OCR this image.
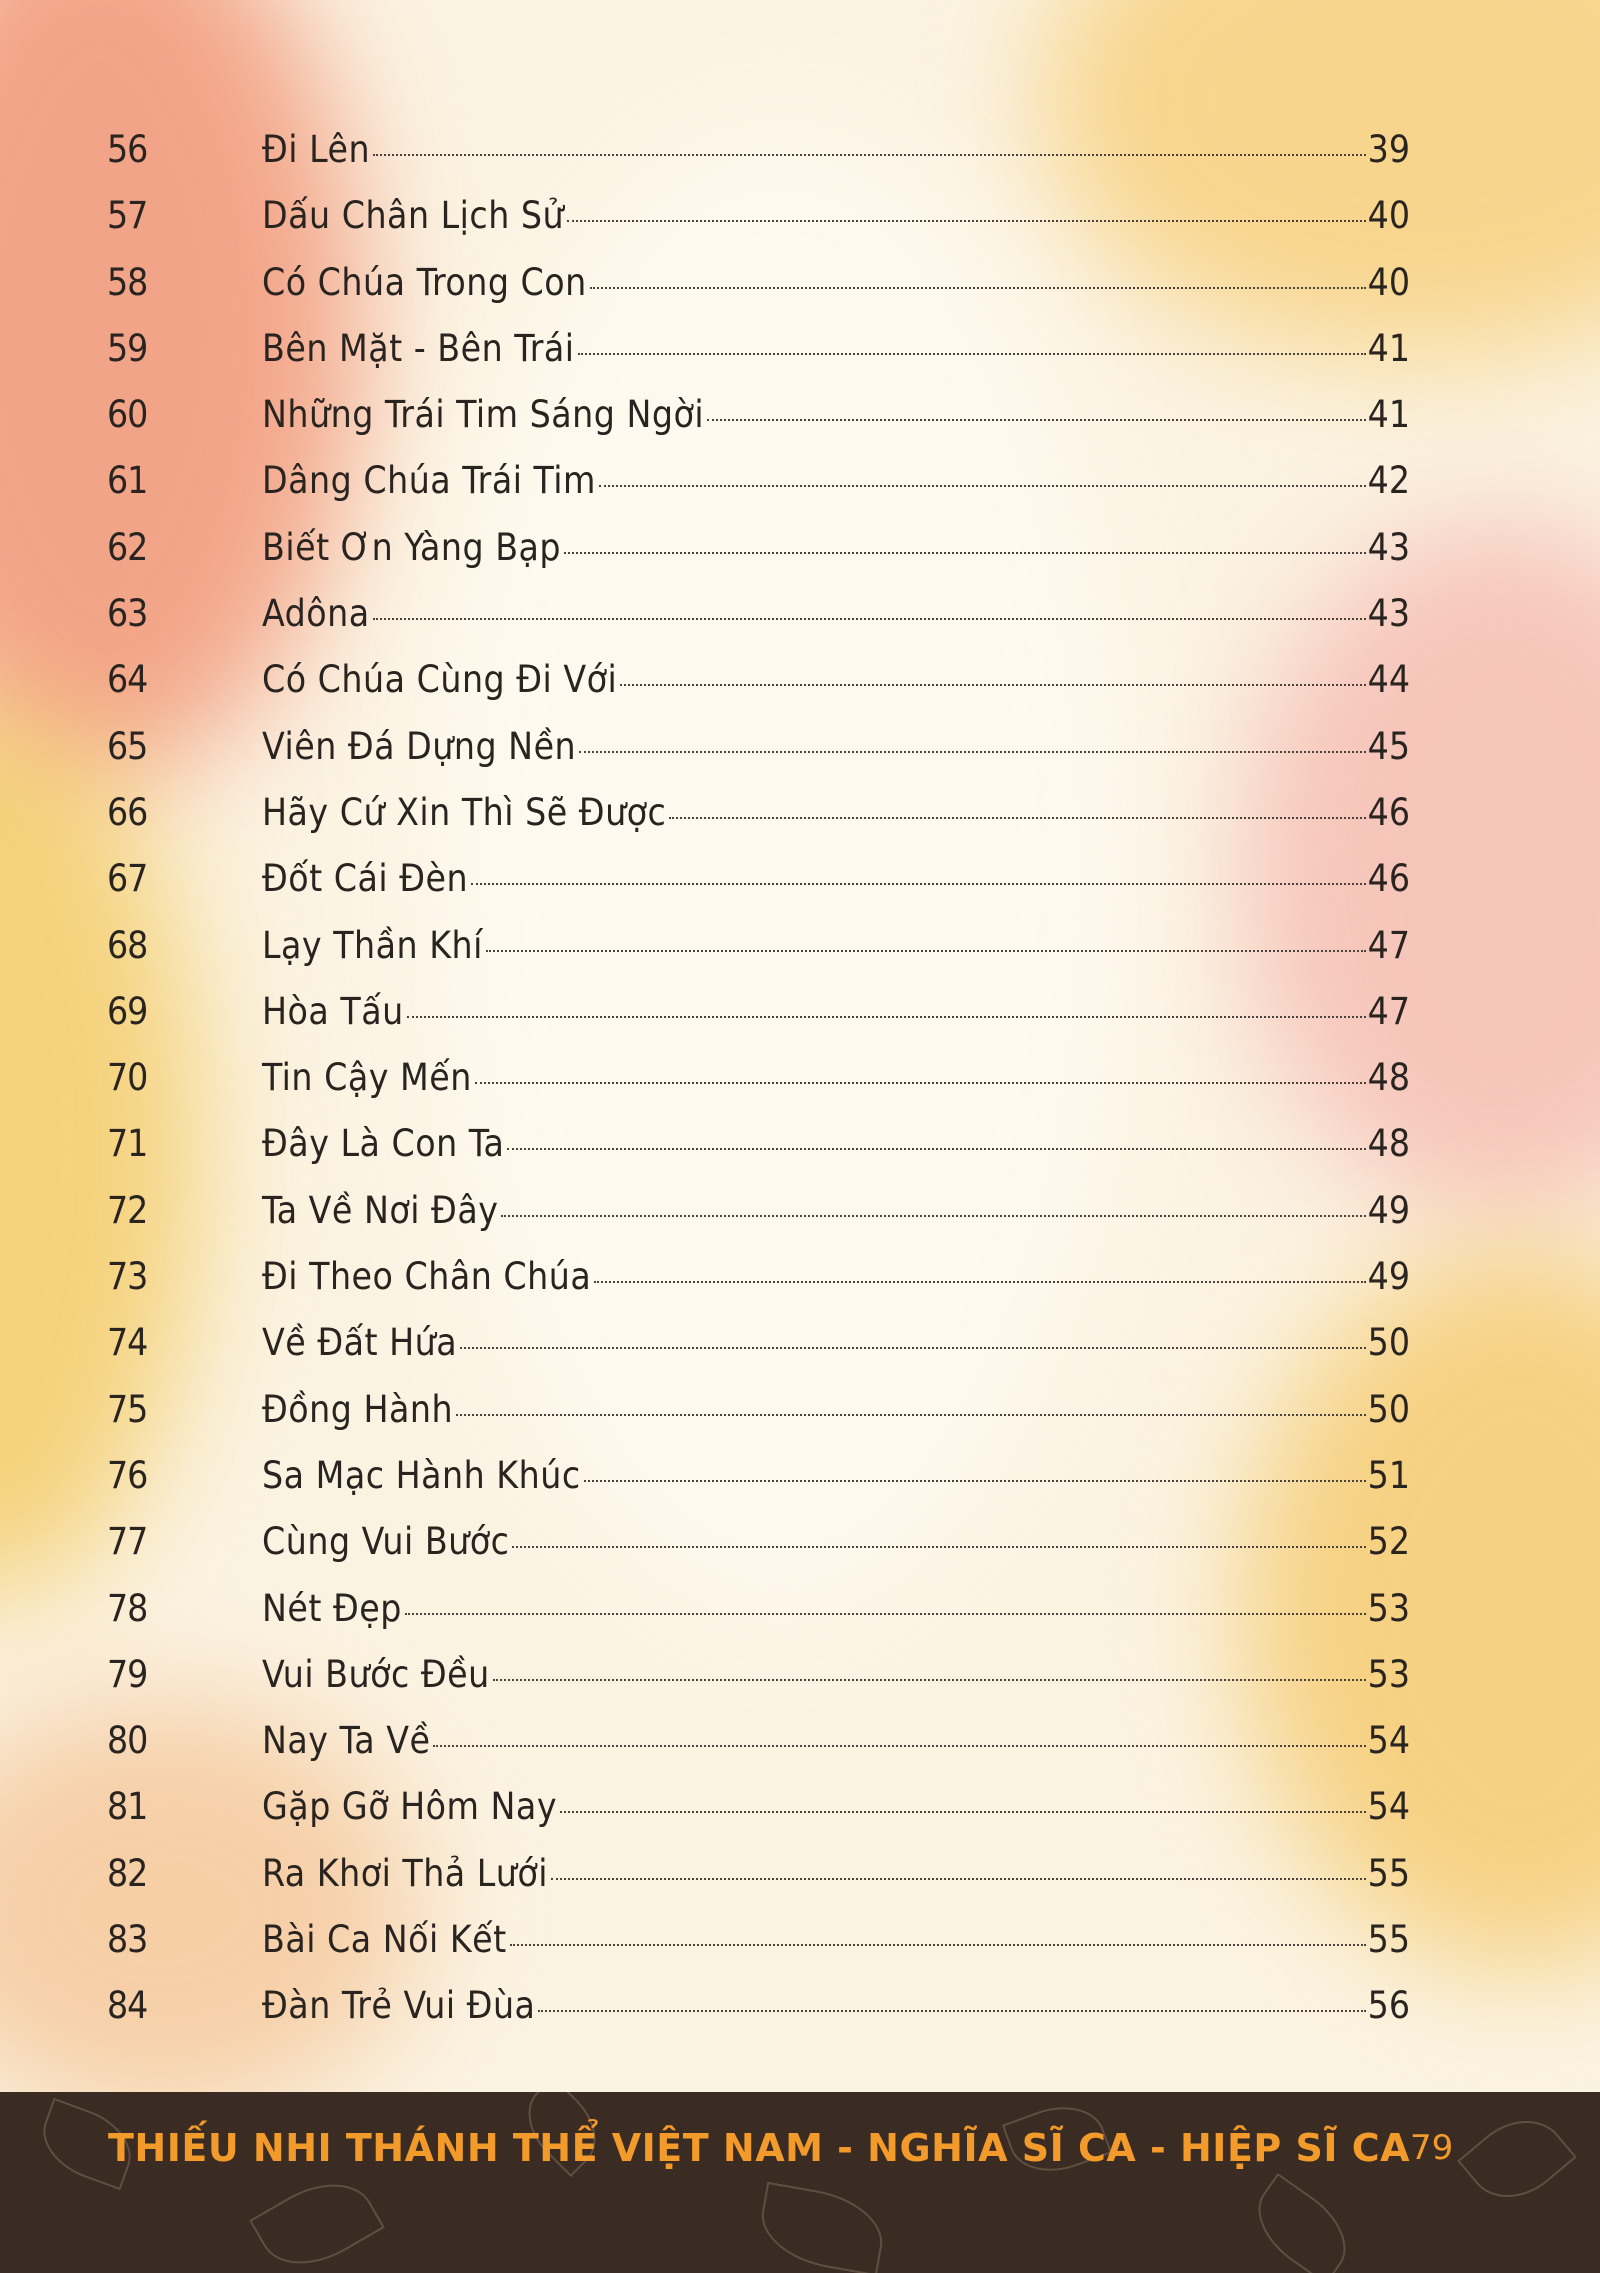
56	Đi Lên	39
57	Dấu Chân Lịch Sử	40
58	Có Chúa Trong Con	40
59	Bên Mặt - Bên Trái	41
60	Những Trái Tim Sáng Ngời	41
61	Dâng Chúa Trái Tim	42
62	Biết Ơn Yàng Bạp	43
63	Adôna	43
64	Có Chúa Cùng Đi Với	44
65	Viên Đá Dựng Nền	45
66	Hãy Cứ Xin Thì Sẽ Được	46
67	Đốt Cái Đèn	46
68	Lạy Thần Khí	47
69	Hòa Tấu	47
70	Tin Cậy Mến	48
71	Đây Là Con Ta	48
72	Ta Về Nơi Đây	49
73	Đi Theo Chân Chúa	49
74	Về Đất Hứa	50
75	Đồng Hành	50
76	Sa Mạc Hành Khúc	51
77	Cùng Vui Bước	52
78	Nét Đẹp	53
79	Vui Bước Đều	53
80	Nay Ta Về	54
81	Gặp Gỡ Hôm Nay	54
82	Ra Khơi Thả Lưới	55
83	Bài Ca Nối Kết	55
84	Đàn Trẻ Vui Đùa	56
THIẾU NHI THÁNH THỂ VIỆT NAM - NGHĨA SĨ CA - HIỆP SĨ CA 79
